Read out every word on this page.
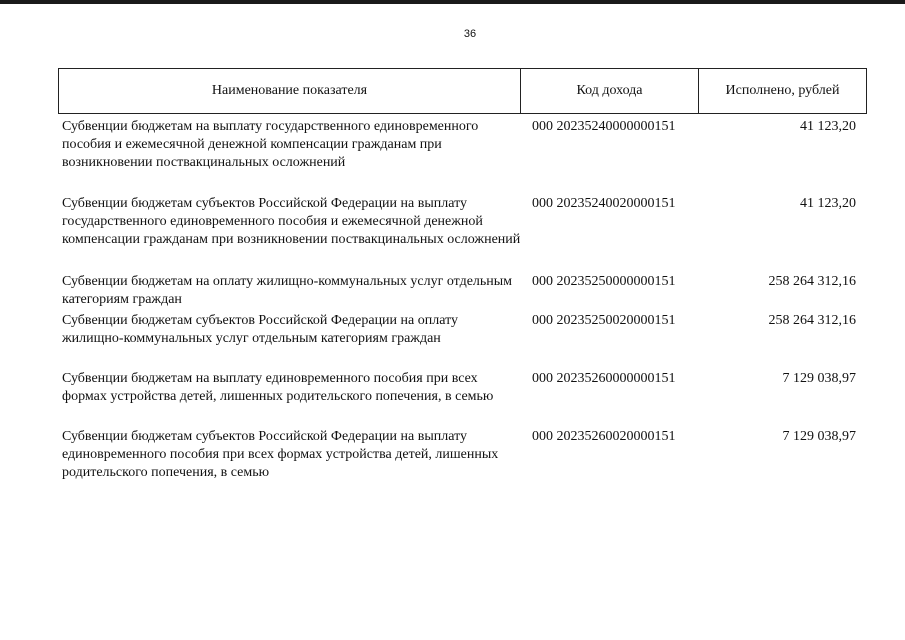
36
Наименование показателя	Код дохода	Исполнено, рублей
Субвенции бюджетам на выплату государственного единовременного пособия и ежемесячной денежной компенсации гражданам при возникновении поствакцинальных осложнений
000 20235240000000151	41 123,20
Субвенции бюджетам субъектов Российской Федерации на выплату государственного единовременного пособия и ежемесячной денежной компенсации гражданам при возникновении поствакцинальных осложнений
000 20235240020000151	41 123,20
Субвенции бюджетам на оплату жилищно-коммунальных услуг отдельным категориям граждан
000 20235250000000151	258 264 312,16
Субвенции бюджетам субъектов Российской Федерации на оплату жилищно-коммунальных услуг отдельным категориям граждан
000 20235250020000151	258 264 312,16
Субвенции бюджетам на выплату единовременного пособия при всех формах устройства детей, лишенных родительского попечения, в семью
000 20235260000000151	7 129 038,97
Субвенции бюджетам субъектов Российской Федерации на выплату единовременного пособия при всех формах устройства детей, лишенных родительского попечения, в семью
000 20235260020000151	7 129 038,97
